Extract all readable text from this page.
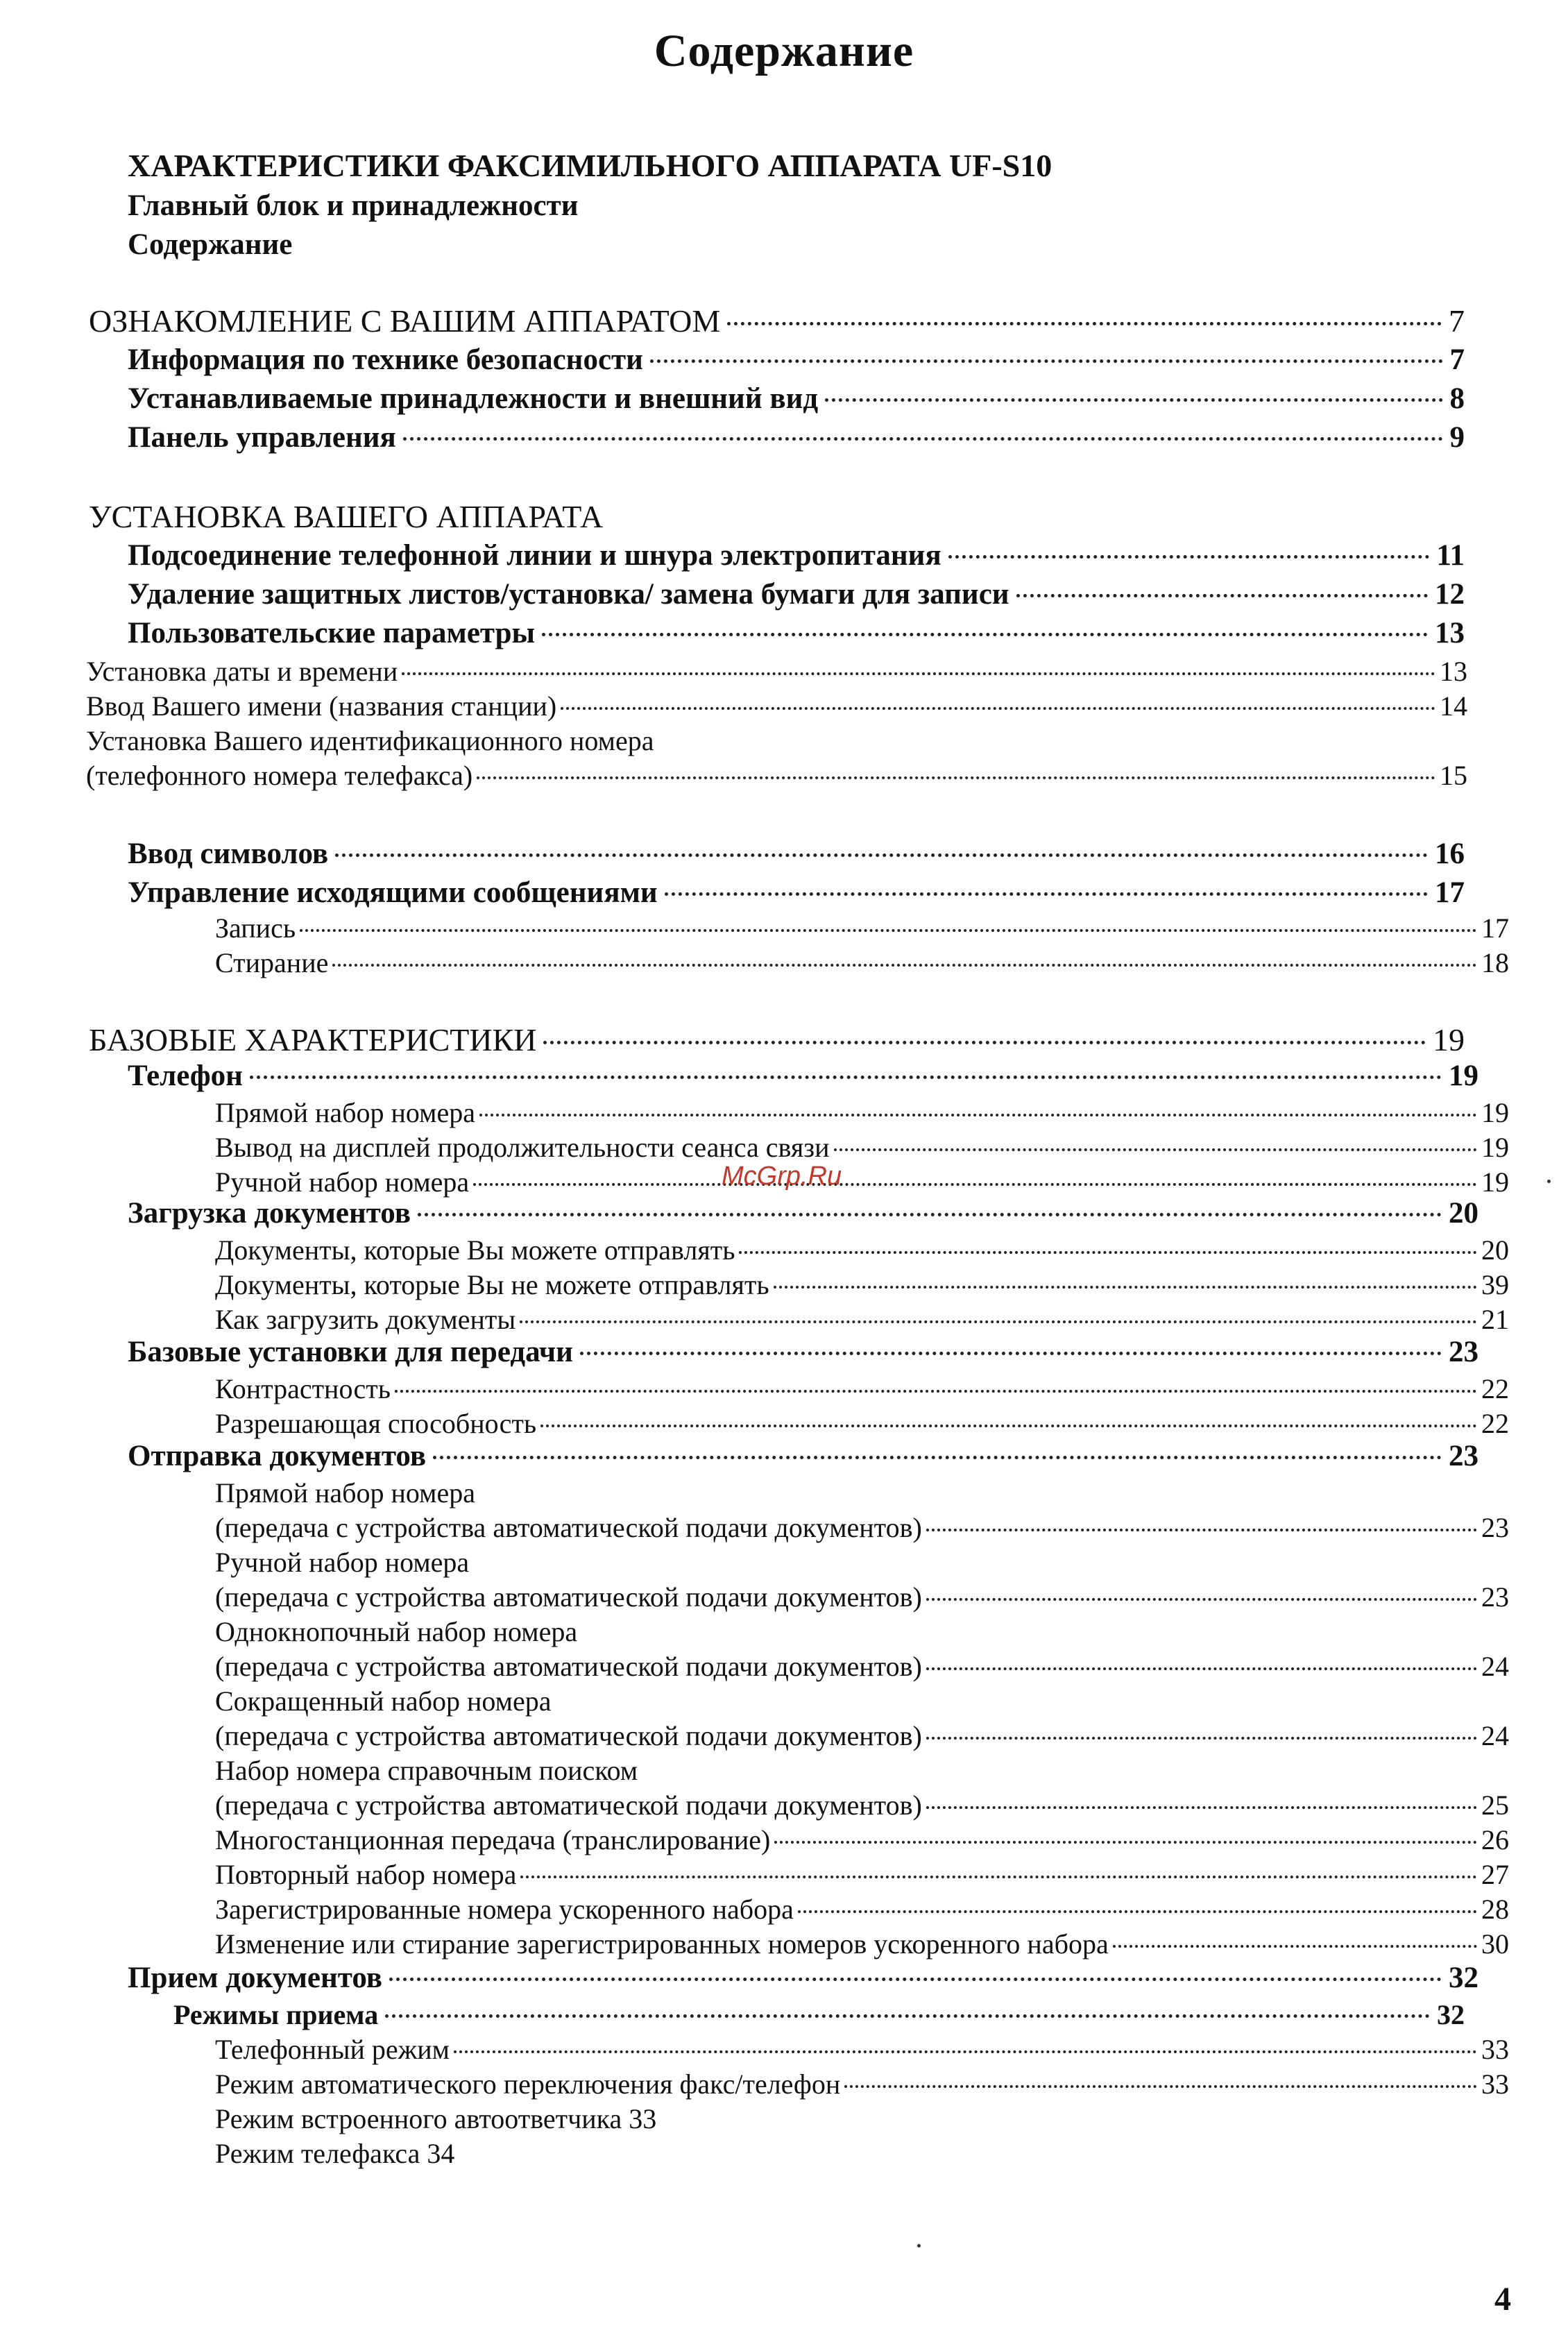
Содержание
ХАРАКТЕРИСТИКИ ФАКСИМИЛЬНОГО АППАРАТА UF-S10
Главный блок и принадлежности
Содержание
ОЗНАКОМЛЕНИЕ С ВАШИМ АППАРАТОМ	7
Информация по технике безопасности	7
Устанавливаемые принадлежности и внешний вид	8
Панель управления	9
УСТАНОВКА ВАШЕГО АППАРАТА
Подсоединение телефонной линии и шнура электропитания	11
Удаление защитных листов/установка/ замена бумаги для записи	12
Пользовательские параметры	13
Установка даты и времени	13
Ввод Вашего имени (названия станции)	14
Установка Вашего идентификационного номера
(телефонного номера телефакса)	15
Ввод символов	16
Управление исходящими сообщениями	17
Запись	17
Стирание	18
БАЗОВЫЕ ХАРАКТЕРИСТИКИ	19
Телефон	19
Прямой набор номера	19
Вывод на дисплей продолжительности сеанса связи	19
Ручной набор номера	19
McGrp.Ru
Загрузка документов	20
Документы, которые Вы можете отправлять	20
Документы, которые Вы не можете отправлять	39
Как загрузить документы	21
Базовые установки для передачи	23
Контрастность	22
Разрешающая способность	22
Отправка документов	23
Прямой набор номера
(передача с устройства автоматической подачи документов)	23
Ручной набор номера
(передача с устройства автоматической подачи документов)	23
Однокнопочный набор номера
(передача с устройства автоматической подачи документов)	24
Сокращенный набор номера
(передача с устройства автоматической подачи документов)	24
Набор номера справочным поиском
(передача с устройства автоматической подачи документов)	25
Многостанционная передача (транслирование)	26
Повторный набор номера	27
Зарегистрированные номера ускоренного набора	28
Изменение или стирание зарегистрированных номеров ускоренного набора	30
Прием документов	32
Режимы приема	32
Телефонный режим	33
Режим автоматического переключения факс/телефон	33
Режим встроенного автоответчика 33
Режим телефакса 34
4
